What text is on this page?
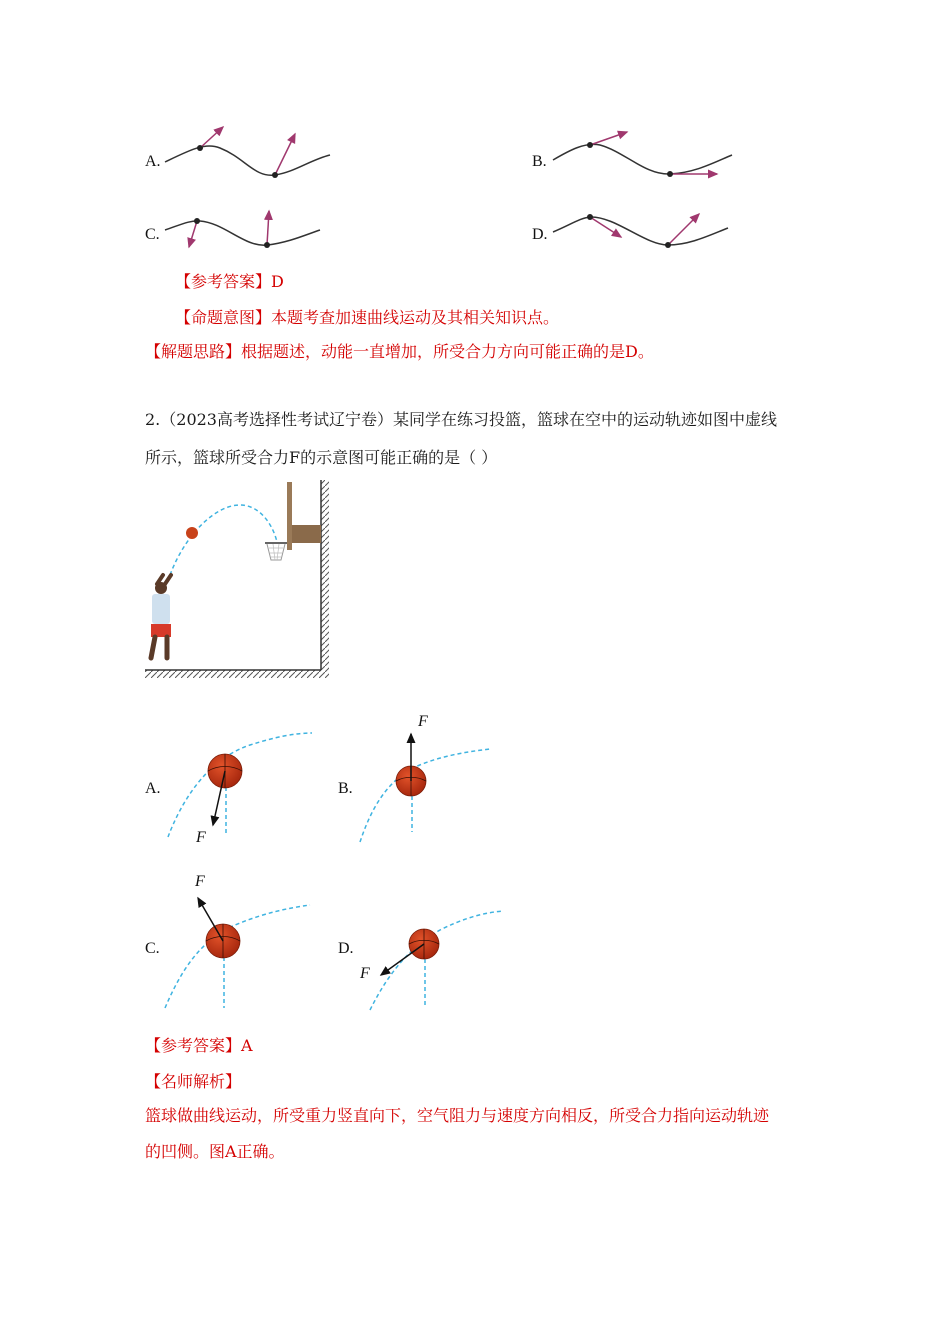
A.	B.
C.	D.
【参考答案】D
【命题意图】本题考查加速曲线运动及其相关知识点。
【解题思路】根据题述，动能一直增加，所受合力方向可能正确的是D。
2.（2023高考选择性考试辽宁卷）某同学在练习投篮，篮球在空中的运动轨迹如图中虚线
所示，篮球所受合力F的示意图可能正确的是（ ）
A.
F
B.
F
C.
F
D.
F
【参考答案】A
【名师解析】
篮球做曲线运动，所受重力竖直向下，空气阻力与速度方向相反，所受合力指向运动轨迹
的凹侧。图A正确。
